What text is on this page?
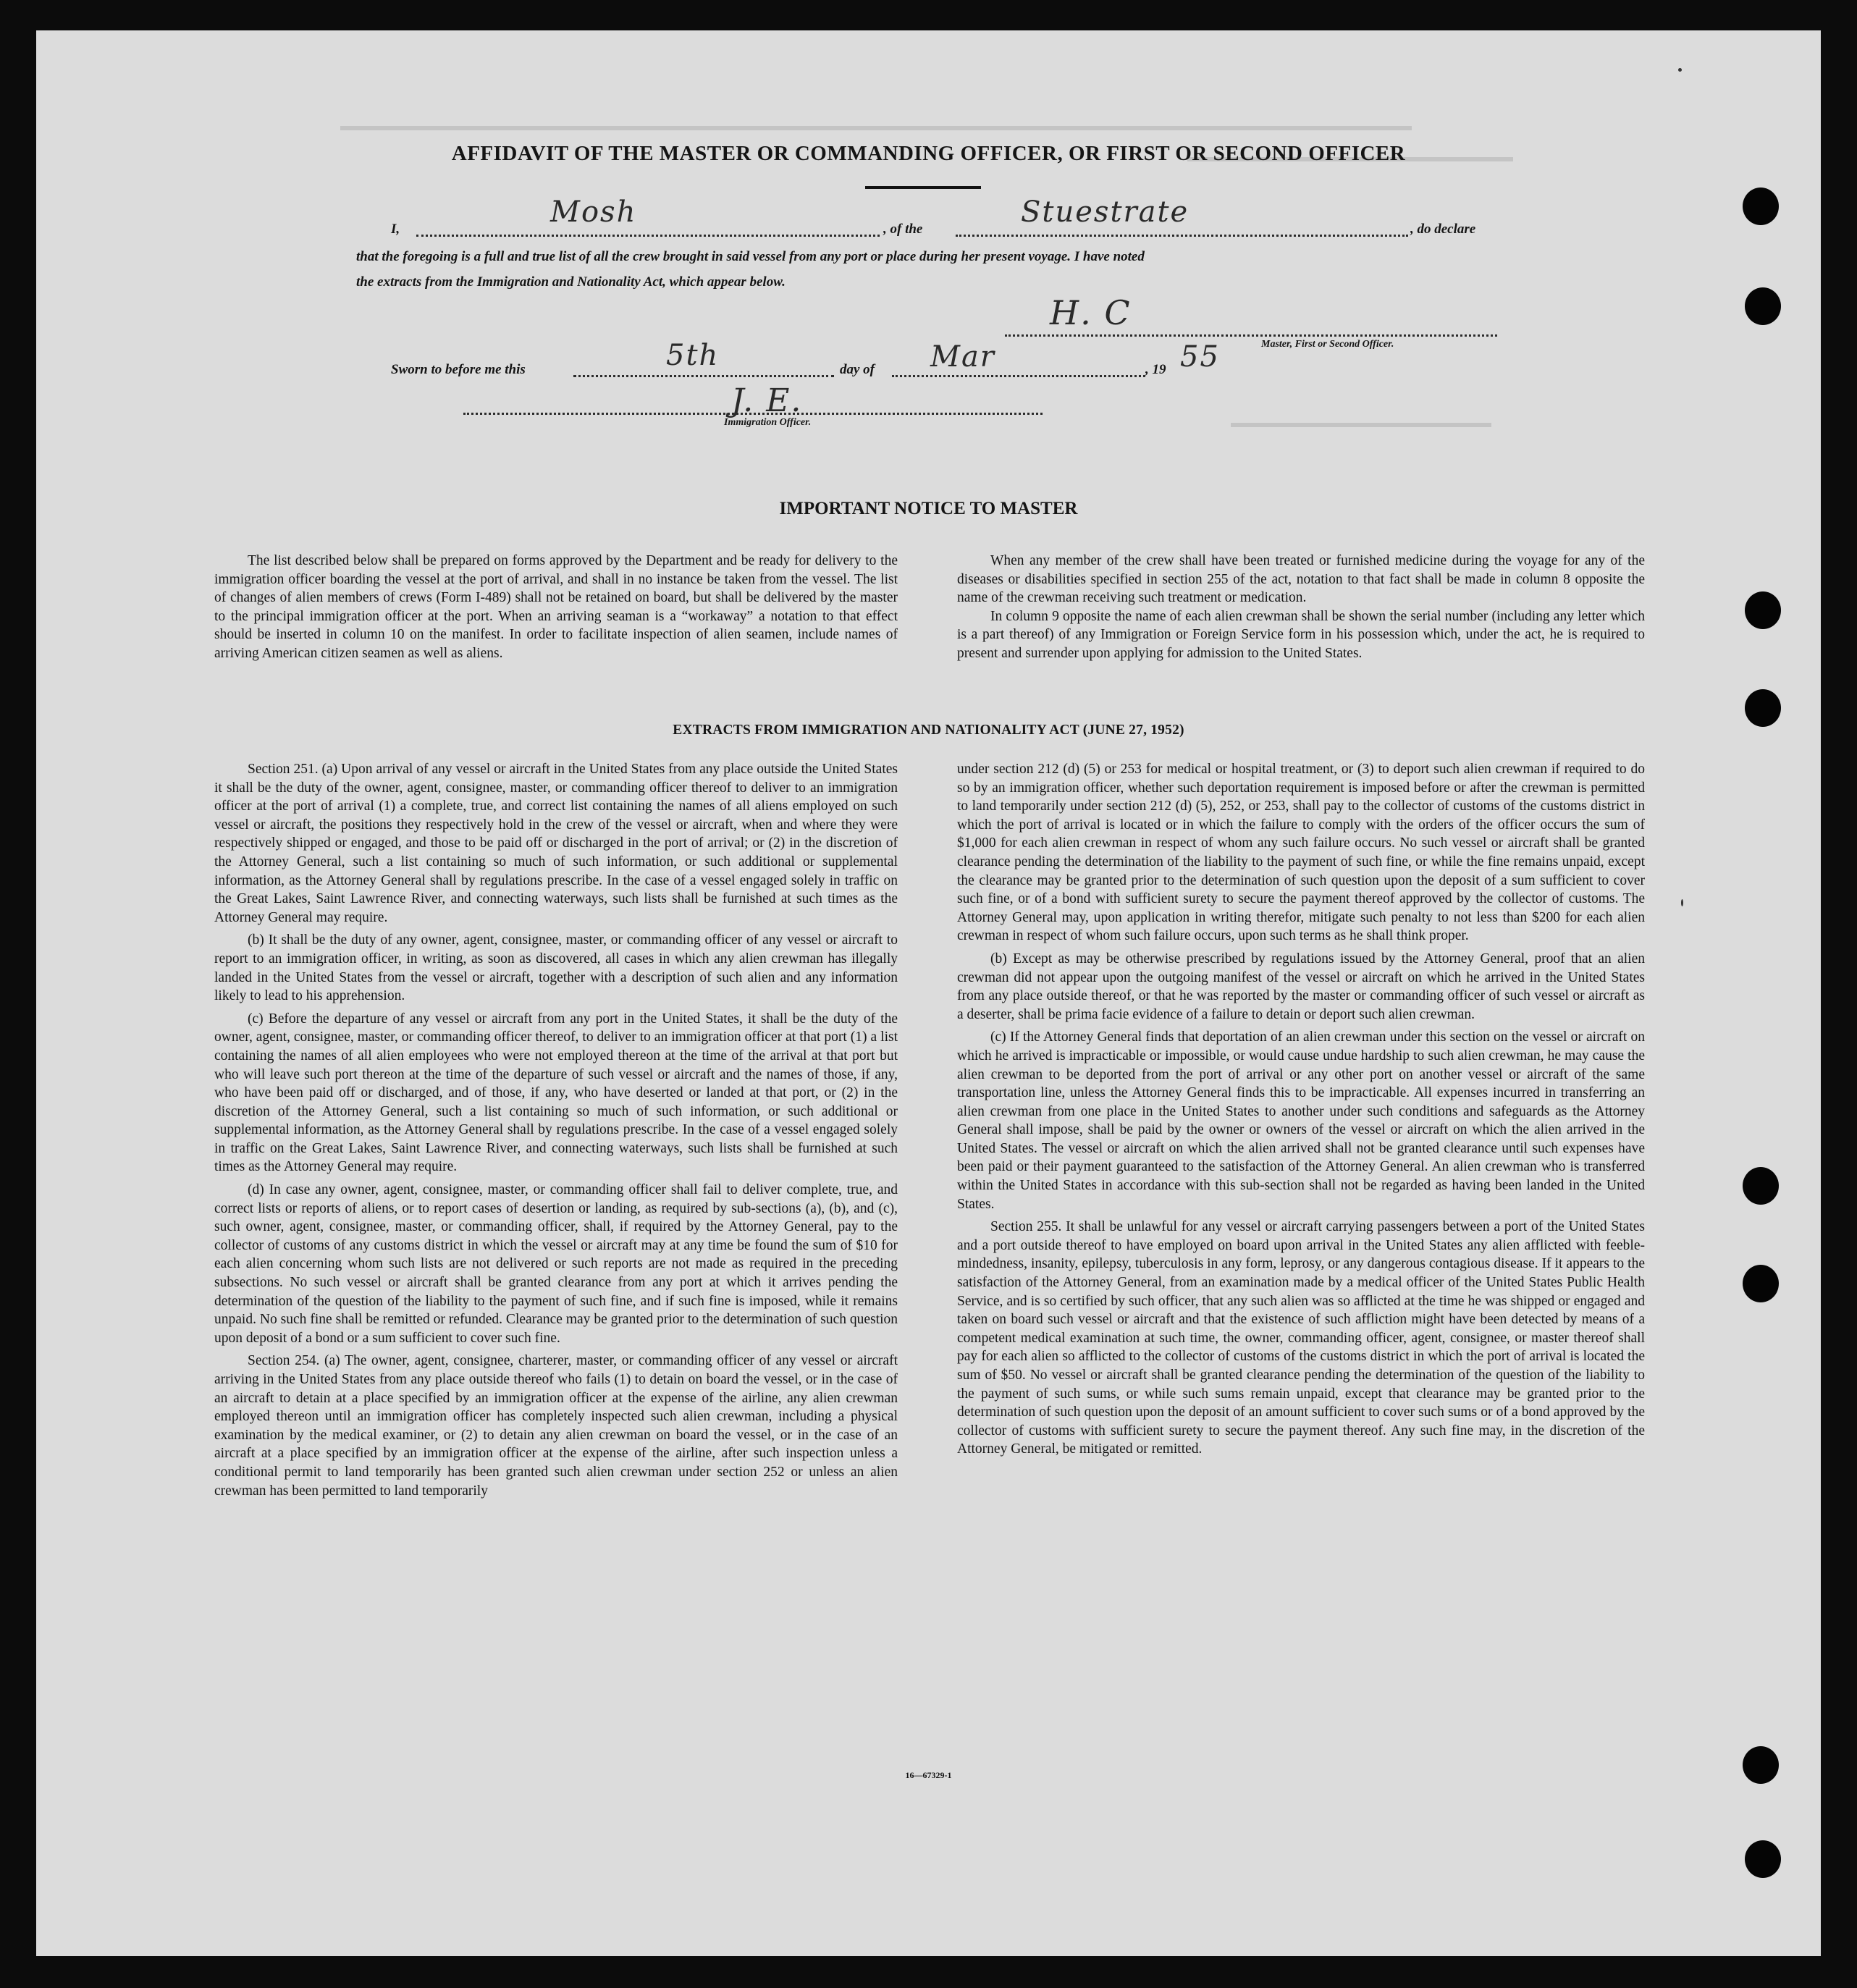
AFFIDAVIT OF THE MASTER OR COMMANDING OFFICER, OR FIRST OR SECOND OFFICER
I,
Mosh
, of the
Stuestrate
, do declare
that the foregoing is a full and true list of all the crew brought in said vessel from any port or place during her present voyage. I have noted
the extracts from the Immigration and Nationality Act, which appear below.
H. C
Master, First or Second Officer.
Sworn to before me this	5th	day of Mar	, 19 55
J. E.
Immigration Officer.
IMPORTANT NOTICE TO MASTER

The list described below shall be prepared on forms approved by the Department and be ready for delivery to the immigration officer boarding the vessel at the port of arrival, and shall in no instance be taken from the vessel. The list of changes of alien members of crews (Form I-489) shall not be retained on board, but shall be delivered by the master to the principal immigration officer at the port. When an arriving seaman is a “workaway” a notation to that effect should be inserted in column 10 on the manifest. In order to facilitate inspection of alien seamen, include names of arriving American citizen seamen as well as aliens.

When any member of the crew shall have been treated or furnished medicine during the voyage for any of the diseases or disabilities specified in section 255 of the act, notation to that fact shall be made in column 8 opposite the name of the crewman receiving such treatment or medication.

In column 9 opposite the name of each alien crewman shall be shown the serial number (including any letter which is a part thereof) of any Immigration or Foreign Service form in his possession which, under the act, he is required to present and surrender upon applying for admission to the United States.

EXTRACTS FROM IMMIGRATION AND NATIONALITY ACT (JUNE 27, 1952)

Section 251. (a) Upon arrival of any vessel or aircraft in the United States from any place outside the United States it shall be the duty of the owner, agent, consignee, master, or commanding officer thereof to deliver to an immigration officer at the port of arrival (1) a complete, true, and correct list containing the names of all aliens employed on such vessel or aircraft, the positions they respectively hold in the crew of the vessel or aircraft, when and where they were respectively shipped or engaged, and those to be paid off or discharged in the port of arrival; or (2) in the discretion of the Attorney General, such a list containing so much of such information, or such additional or supplemental information, as the Attorney General shall by regulations prescribe. In the case of a vessel engaged solely in traffic on the Great Lakes, Saint Lawrence River, and connecting waterways, such lists shall be furnished at such times as the Attorney General may require.

(b) It shall be the duty of any owner, agent, consignee, master, or commanding officer of any vessel or aircraft to report to an immigration officer, in writing, as soon as discovered, all cases in which any alien crewman has illegally landed in the United States from the vessel or aircraft, together with a description of such alien and any information likely to lead to his apprehension.

(c) Before the departure of any vessel or aircraft from any port in the United States, it shall be the duty of the owner, agent, consignee, master, or commanding officer thereof, to deliver to an immigration officer at that port (1) a list containing the names of all alien employees who were not employed thereon at the time of the arrival at that port but who will leave such port thereon at the time of the departure of such vessel or aircraft and the names of those, if any, who have been paid off or discharged, and of those, if any, who have deserted or landed at that port, or (2) in the discretion of the Attorney General, such a list containing so much of such information, or such additional or supplemental information, as the Attorney General shall by regulations prescribe. In the case of a vessel engaged solely in traffic on the Great Lakes, Saint Lawrence River, and connecting waterways, such lists shall be furnished at such times as the Attorney General may require.

(d) In case any owner, agent, consignee, master, or commanding officer shall fail to deliver complete, true, and correct lists or reports of aliens, or to report cases of desertion or landing, as required by sub-sections (a), (b), and (c), such owner, agent, consignee, master, or commanding officer, shall, if required by the Attorney General, pay to the collector of customs of any customs district in which the vessel or aircraft may at any time be found the sum of $10 for each alien concerning whom such lists are not delivered or such reports are not made as required in the preceding subsections. No such vessel or aircraft shall be granted clearance from any port at which it arrives pending the determination of the question of the liability to the payment of such fine, and if such fine is imposed, while it remains unpaid. No such fine shall be remitted or refunded. Clearance may be granted prior to the determination of such question upon deposit of a bond or a sum sufficient to cover such fine.

Section 254. (a) The owner, agent, consignee, charterer, master, or commanding officer of any vessel or aircraft arriving in the United States from any place outside thereof who fails (1) to detain on board the vessel, or in the case of an aircraft to detain at a place specified by an immigration officer at the expense of the airline, any alien crewman employed thereon until an immigration officer has completely inspected such alien crewman, including a physical examination by the medical examiner, or (2) to detain any alien crewman on board the vessel, or in the case of an aircraft at a place specified by an immigration officer at the expense of the airline, after such inspection unless a conditional permit to land temporarily has been granted such alien crewman under section 252 or unless an alien crewman has been permitted to land temporarily

under section 212 (d) (5) or 253 for medical or hospital treatment, or (3) to deport such alien crewman if required to do so by an immigration officer, whether such deportation requirement is imposed before or after the crewman is permitted to land temporarily under section 212 (d) (5), 252, or 253, shall pay to the collector of customs of the customs district in which the port of arrival is located or in which the failure to comply with the orders of the officer occurs the sum of $1,000 for each alien crewman in respect of whom any such failure occurs. No such vessel or aircraft shall be granted clearance pending the determination of the liability to the payment of such fine, or while the fine remains unpaid, except the clearance may be granted prior to the determination of such question upon the deposit of a sum sufficient to cover such fine, or of a bond with sufficient surety to secure the payment thereof approved by the collector of customs. The Attorney General may, upon application in writing therefor, mitigate such penalty to not less than $200 for each alien crewman in respect of whom such failure occurs, upon such terms as he shall think proper.

(b) Except as may be otherwise prescribed by regulations issued by the Attorney General, proof that an alien crewman did not appear upon the outgoing manifest of the vessel or aircraft on which he arrived in the United States from any place outside thereof, or that he was reported by the master or commanding officer of such vessel or aircraft as a deserter, shall be prima facie evidence of a failure to detain or deport such alien crewman.

(c) If the Attorney General finds that deportation of an alien crewman under this section on the vessel or aircraft on which he arrived is impracticable or impossible, or would cause undue hardship to such alien crewman, he may cause the alien crewman to be deported from the port of arrival or any other port on another vessel or aircraft of the same transportation line, unless the Attorney General finds this to be impracticable. All expenses incurred in transferring an alien crewman from one place in the United States to another under such conditions and safeguards as the Attorney General shall impose, shall be paid by the owner or owners of the vessel or aircraft on which the alien arrived in the United States. The vessel or aircraft on which the alien arrived shall not be granted clearance until such expenses have been paid or their payment guaranteed to the satisfaction of the Attorney General. An alien crewman who is transferred within the United States in accordance with this sub-section shall not be regarded as having been landed in the United States.

Section 255. It shall be unlawful for any vessel or aircraft carrying passengers between a port of the United States and a port outside thereof to have employed on board upon arrival in the United States any alien afflicted with feeble-mindedness, insanity, epilepsy, tuberculosis in any form, leprosy, or any dangerous contagious disease. If it appears to the satisfaction of the Attorney General, from an examination made by a medical officer of the United States Public Health Service, and is so certified by such officer, that any such alien was so afflicted at the time he was shipped or engaged and taken on board such vessel or aircraft and that the existence of such affliction might have been detected by means of a competent medical examination at such time, the owner, commanding officer, agent, consignee, or master thereof shall pay for each alien so afflicted to the collector of customs of the customs district in which the port of arrival is located the sum of $50. No vessel or aircraft shall be granted clearance pending the determination of the question of the liability to the payment of such sums, or while such sums remain unpaid, except that clearance may be granted prior to the determination of such question upon the deposit of an amount sufficient to cover such sums or of a bond approved by the collector of customs with sufficient surety to secure the payment thereof. Any such fine may, in the discretion of the Attorney General, be mitigated or remitted.

16—67329-1
